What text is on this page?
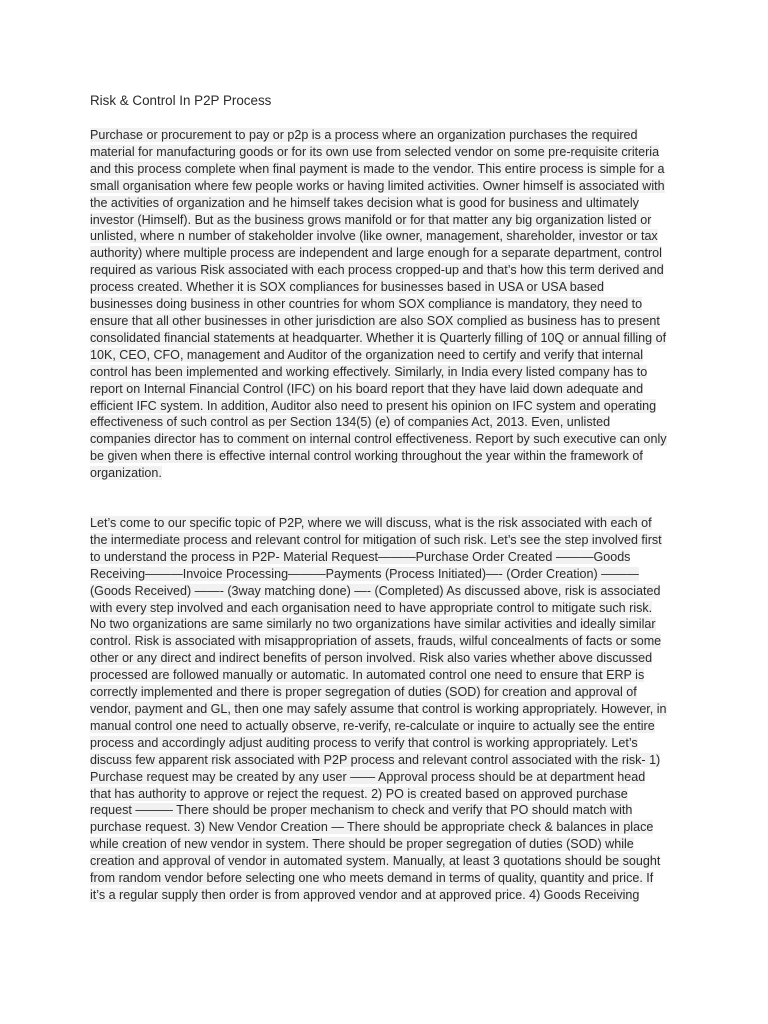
Risk & Control In P2P Process

Purchase or procurement to pay or p2p is a process where an organization purchases the required material for manufacturing goods or for its own use from selected vendor on some pre-requisite criteria and this process complete when final payment is made to the vendor. This entire process is simple for a small organisation where few people works or having limited activities. Owner himself is associated with the activities of organization and he himself takes decision what is good for business and ultimately investor (Himself). But as the business grows manifold or for that matter any big organization listed or unlisted, where n number of stakeholder involve (like owner, management, shareholder, investor or tax authority) where multiple process are independent and large enough for a separate department, control required as various Risk associated with each process cropped-up and that’s how this term derived and process created. Whether it is SOX compliances for businesses based in USA or USA based businesses doing business in other countries for whom SOX compliance is mandatory, they need to ensure that all other businesses in other jurisdiction are also SOX complied as business has to present consolidated financial statements at headquarter. Whether it is Quarterly filling of 10Q or annual filling of 10K, CEO, CFO, management and Auditor of the organization need to certify and verify that internal control has been implemented and working effectively. Similarly, in India every listed company has to report on Internal Financial Control (IFC) on his board report that they have laid down adequate and efficient IFC system. In addition, Auditor also need to present his opinion on IFC system and operating effectiveness of such control as per Section 134(5) (e) of companies Act, 2013. Even, unlisted companies director has to comment on internal control effectiveness. Report by such executive can only be given when there is effective internal control working throughout the year within the framework of organization.

Let’s come to our specific topic of P2P, where we will discuss, what is the risk associated with each of the intermediate process and relevant control for mitigation of such risk. Let’s see the step involved first to understand the process in P2P- Material Request———Purchase Order Created ———Goods Receiving———Invoice Processing———Payments (Process Initiated)—- (Order Creation) ——— (Goods Received) ——- (3way matching done) —- (Completed) As discussed above, risk is associated with every step involved and each organisation need to have appropriate control to mitigate such risk. No two organizations are same similarly no two organizations have similar activities and ideally similar control. Risk is associated with misappropriation of assets, frauds, wilful concealments of facts or some other or any direct and indirect benefits of person involved. Risk also varies whether above discussed processed are followed manually or automatic. In automated control one need to ensure that ERP is correctly implemented and there is proper segregation of duties (SOD) for creation and approval of vendor, payment and GL, then one may safely assume that control is working appropriately. However, in manual control one need to actually observe, re-verify, re-calculate or inquire to actually see the entire process and accordingly adjust auditing process to verify that control is working appropriately. Let’s discuss few apparent risk associated with P2P process and relevant control associated with the risk- 1) Purchase request may be created by any user —— Approval process should be at department head that has authority to approve or reject the request. 2) PO is created based on approved purchase request ——— There should be proper mechanism to check and verify that PO should match with purchase request. 3) New Vendor Creation — There should be appropriate check & balances in place while creation of new vendor in system. There should be proper segregation of duties (SOD) while creation and approval of vendor in automated system. Manually, at least 3 quotations should be sought from random vendor before selecting one who meets demand in terms of quality, quantity and price. If it’s a regular supply then order is from approved vendor and at approved price. 4) Goods Receiving
